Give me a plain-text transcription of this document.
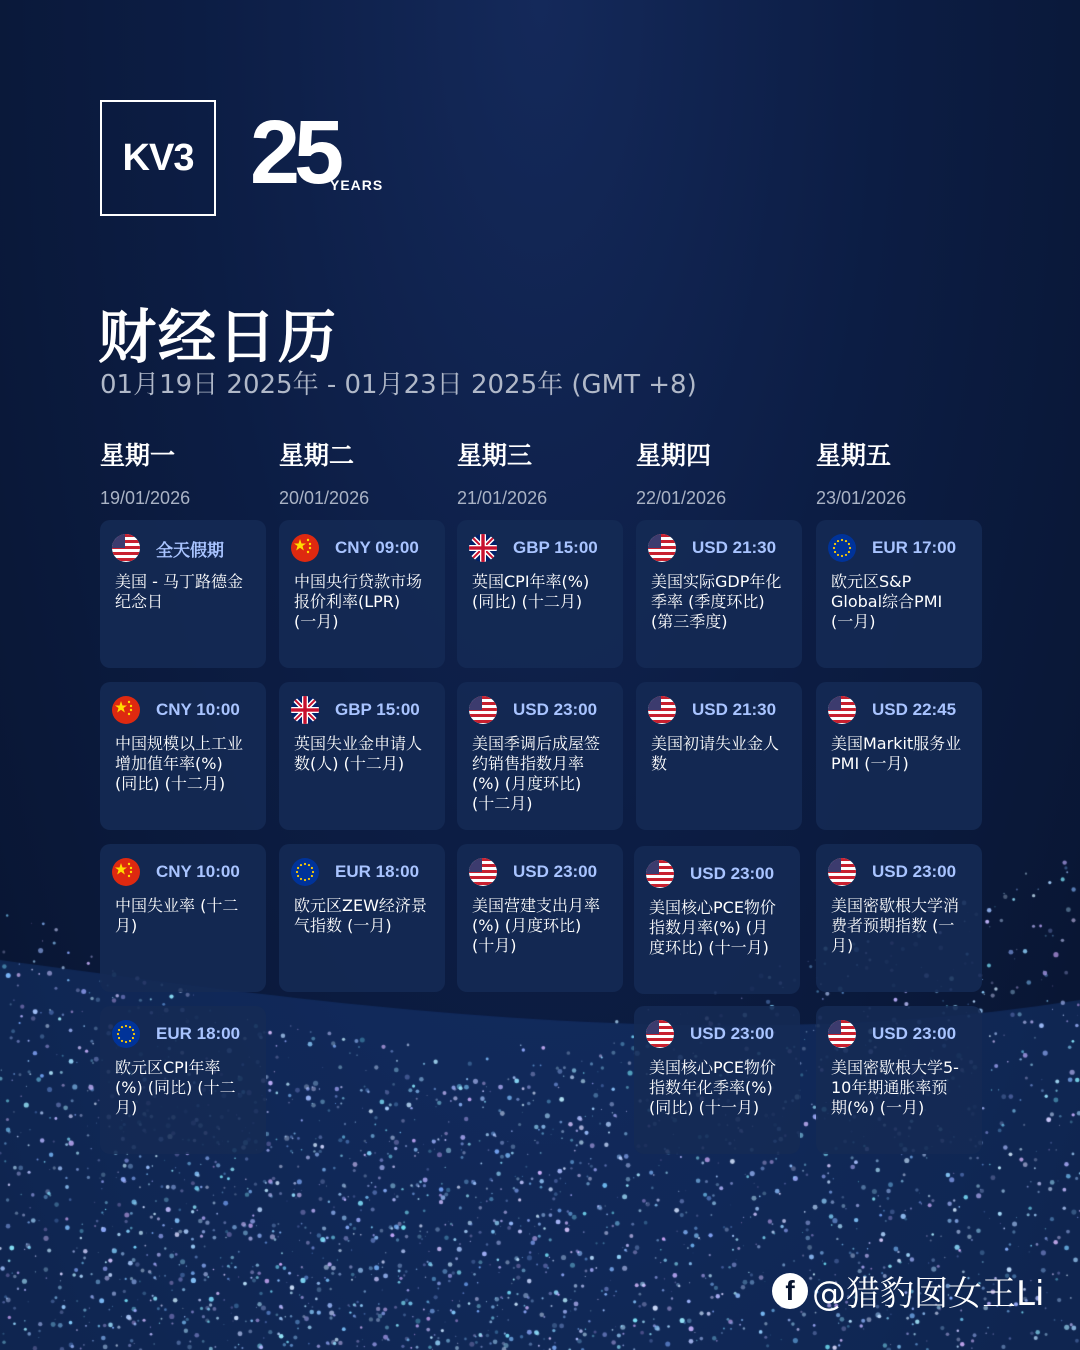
KV3 25
YEARS
财经日历
01月19日 2025年 - 01月23日 2025年 (GMT +8)
星期一
19/01/2026
全天假期
美国 - 马丁路德金
纪念日
CNY 10:00
中国规模以上工业
增加值年率(%)
(同比) (十二月)
CNY 10:00
中国失业率 (十二
月)
EUR 18:00
欧元区CPI年率
(%) (同比) (十二
月)
星期二
20/01/2026
CNY 09:00
中国央行贷款市场
报价利率(LPR)
(一月)
GBP 15:00
英国失业金申请人
数(人) (十二月)
EUR 18:00
欧元区ZEW经济景
气指数 (一月)
星期三
21/01/2026
GBP 15:00
英国CPI年率(%)
(同比) (十二月)
USD 23:00
美国季调后成屋签
约销售指数月率
(%) (月度环比)
(十二月)
USD 23:00
美国营建支出月率
(%) (月度环比)
(十月)
星期四
22/01/2026
USD 21:30
美国实际GDP年化
季率 (季度环比)
(第三季度)
USD 21:30
美国初请失业金人
数
USD 23:00
美国核心PCE物价
指数月率(%) (月
度环比) (十一月)
USD 23:00
美国核心PCE物价
指数年化季率(%)
(同比) (十一月)
星期五
23/01/2026
EUR 17:00
欧元区S&P
Global综合PMI
(一月)
USD 22:45
美国Markit服务业
PMI (一月)
USD 23:00
美国密歇根大学消
费者预期指数 (一
月)
USD 23:00
美国密歇根大学5-
10年期通胀率预
期(%) (一月)
f @猎豹囡女王Li
